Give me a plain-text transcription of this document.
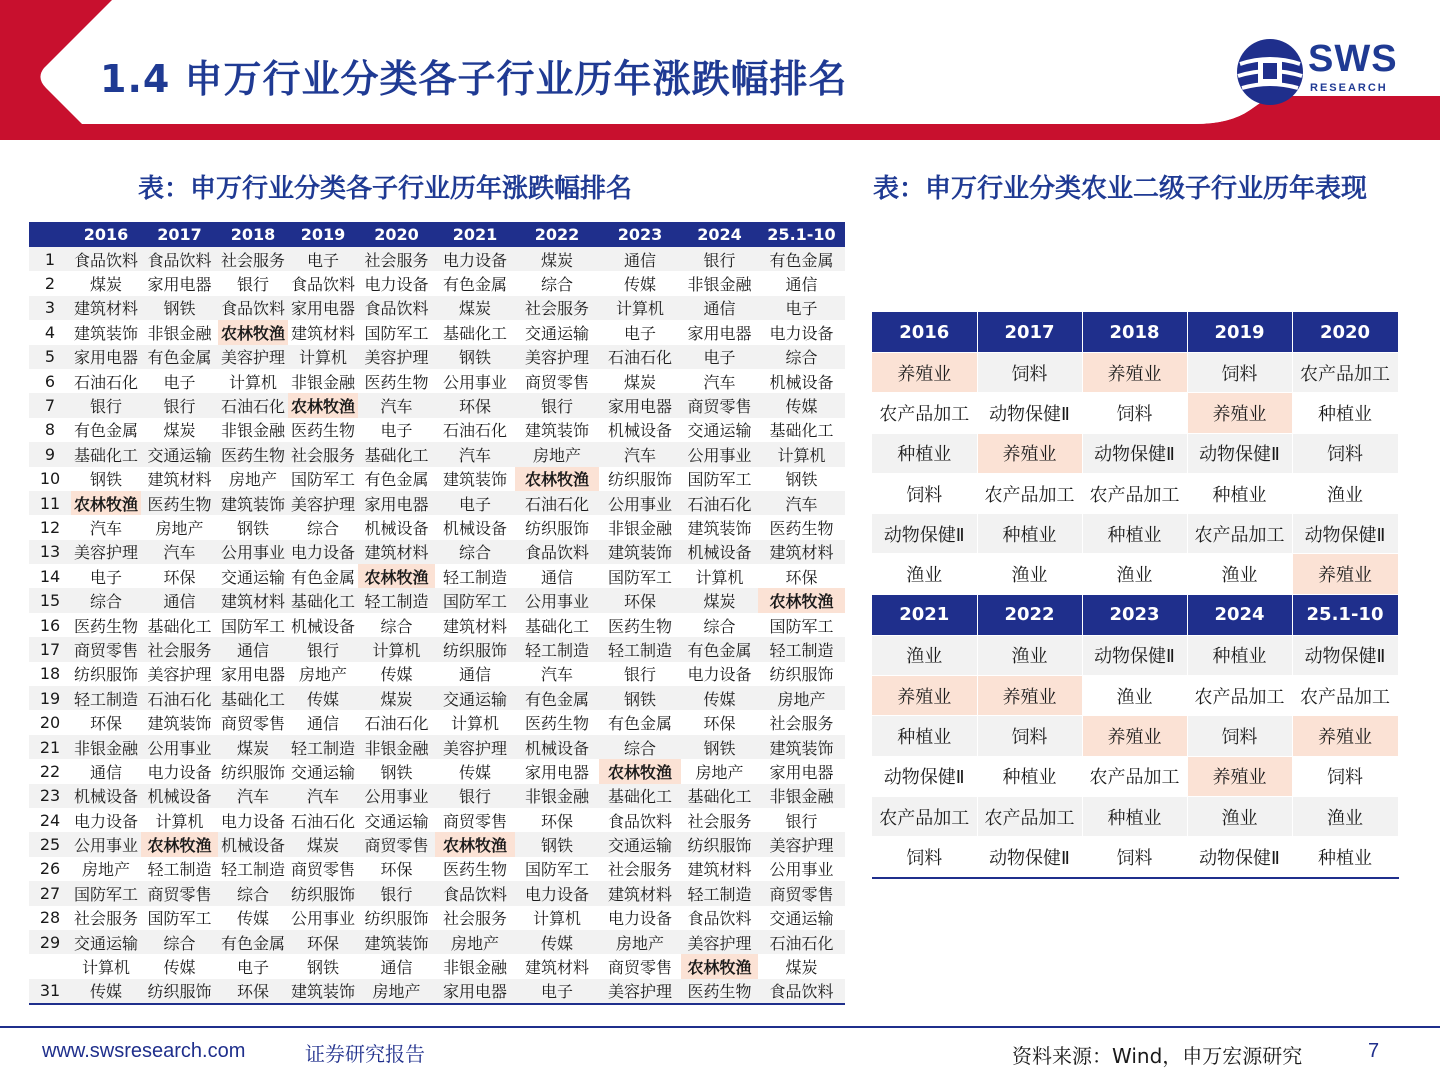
1.4 申万行业分类各子行业历年涨跌幅排名	SWS
RESEARCH
表：申万行业分类各子行业历年涨跌幅排名	表：申万行业分类农业二级子行业历年表现
	2016	2017	2018	2019	2020	2021	2022	2023	2024	25.1-10
1	食品饮料	食品饮料	社会服务	电子	社会服务	电力设备	煤炭	通信	银行	有色金属
2	煤炭	家用电器	银行	食品饮料	电力设备	有色金属	综合	传媒	非银金融	通信
3	建筑材料	钢铁	食品饮料	家用电器	食品饮料	煤炭	社会服务	计算机	通信	电子
4	建筑装饰	非银金融	农林牧渔	建筑材料	国防军工	基础化工	交通运输	电子	家用电器	电力设备
5	家用电器	有色金属	美容护理	计算机	美容护理	钢铁	美容护理	石油石化	电子	综合
6	石油石化	电子	计算机	非银金融	医药生物	公用事业	商贸零售	煤炭	汽车	机械设备
7	银行	银行	石油石化	农林牧渔	汽车	环保	银行	家用电器	商贸零售	传媒
8	有色金属	煤炭	非银金融	医药生物	电子	石油石化	建筑装饰	机械设备	交通运输	基础化工
9	基础化工	交通运输	医药生物	社会服务	基础化工	汽车	房地产	汽车	公用事业	计算机
10	钢铁	建筑材料	房地产	国防军工	有色金属	建筑装饰	农林牧渔	纺织服饰	国防军工	钢铁
11	农林牧渔	医药生物	建筑装饰	美容护理	家用电器	电子	石油石化	公用事业	石油石化	汽车
12	汽车	房地产	钢铁	综合	机械设备	机械设备	纺织服饰	非银金融	建筑装饰	医药生物
13	美容护理	汽车	公用事业	电力设备	建筑材料	综合	食品饮料	建筑装饰	机械设备	建筑材料
14	电子	环保	交通运输	有色金属	农林牧渔	轻工制造	通信	国防军工	计算机	环保
15	综合	通信	建筑材料	基础化工	轻工制造	国防军工	公用事业	环保	煤炭	农林牧渔
16	医药生物	基础化工	国防军工	机械设备	综合	建筑材料	基础化工	医药生物	综合	国防军工
17	商贸零售	社会服务	通信	银行	计算机	纺织服饰	轻工制造	轻工制造	有色金属	轻工制造
18	纺织服饰	美容护理	家用电器	房地产	传媒	通信	汽车	银行	电力设备	纺织服饰
19	轻工制造	石油石化	基础化工	传媒	煤炭	交通运输	有色金属	钢铁	传媒	房地产
20	环保	建筑装饰	商贸零售	通信	石油石化	计算机	医药生物	有色金属	环保	社会服务
21	非银金融	公用事业	煤炭	轻工制造	非银金融	美容护理	机械设备	综合	钢铁	建筑装饰
22	通信	电力设备	纺织服饰	交通运输	钢铁	传媒	家用电器	农林牧渔	房地产	家用电器
23	机械设备	机械设备	汽车	汽车	公用事业	银行	非银金融	基础化工	基础化工	非银金融
24	电力设备	计算机	电力设备	石油石化	交通运输	商贸零售	环保	食品饮料	社会服务	银行
25	公用事业	农林牧渔	机械设备	煤炭	商贸零售	农林牧渔	钢铁	交通运输	纺织服饰	美容护理
26	房地产	轻工制造	轻工制造	商贸零售	环保	医药生物	国防军工	社会服务	建筑材料	公用事业
27	国防军工	商贸零售	综合	纺织服饰	银行	食品饮料	电力设备	建筑材料	轻工制造	商贸零售
28	社会服务	国防军工	传媒	公用事业	纺织服饰	社会服务	计算机	电力设备	食品饮料	交通运输
29	交通运输	综合	有色金属	环保	建筑装饰	房地产	传媒	房地产	美容护理	石油石化
	计算机	传媒	电子	钢铁	通信	非银金融	建筑材料	商贸零售	农林牧渔	煤炭
31	传媒	纺织服饰	环保	建筑装饰	房地产	家用电器	电子	美容护理	医药生物	食品饮料
2016	2017	2018	2019	2020
养殖业	饲料	养殖业	饲料	农产品加工
农产品加工	动物保健Ⅱ	饲料	养殖业	种植业
种植业	养殖业	动物保健Ⅱ	动物保健Ⅱ	饲料
饲料	农产品加工	农产品加工	种植业	渔业
动物保健Ⅱ	种植业	种植业	农产品加工	动物保健Ⅱ
渔业	渔业	渔业	渔业	养殖业
2021	2022	2023	2024	25.1-10
渔业	渔业	动物保健Ⅱ	种植业	动物保健Ⅱ
养殖业	养殖业	渔业	农产品加工	农产品加工
种植业	饲料	养殖业	饲料	养殖业
动物保健Ⅱ	种植业	农产品加工	养殖业	饲料
农产品加工	农产品加工	种植业	渔业	渔业
饲料	动物保健Ⅱ	饲料	动物保健Ⅱ	种植业
www.swsresearch.com	证券研究报告	资料来源：Wind，申万宏源研究	7
